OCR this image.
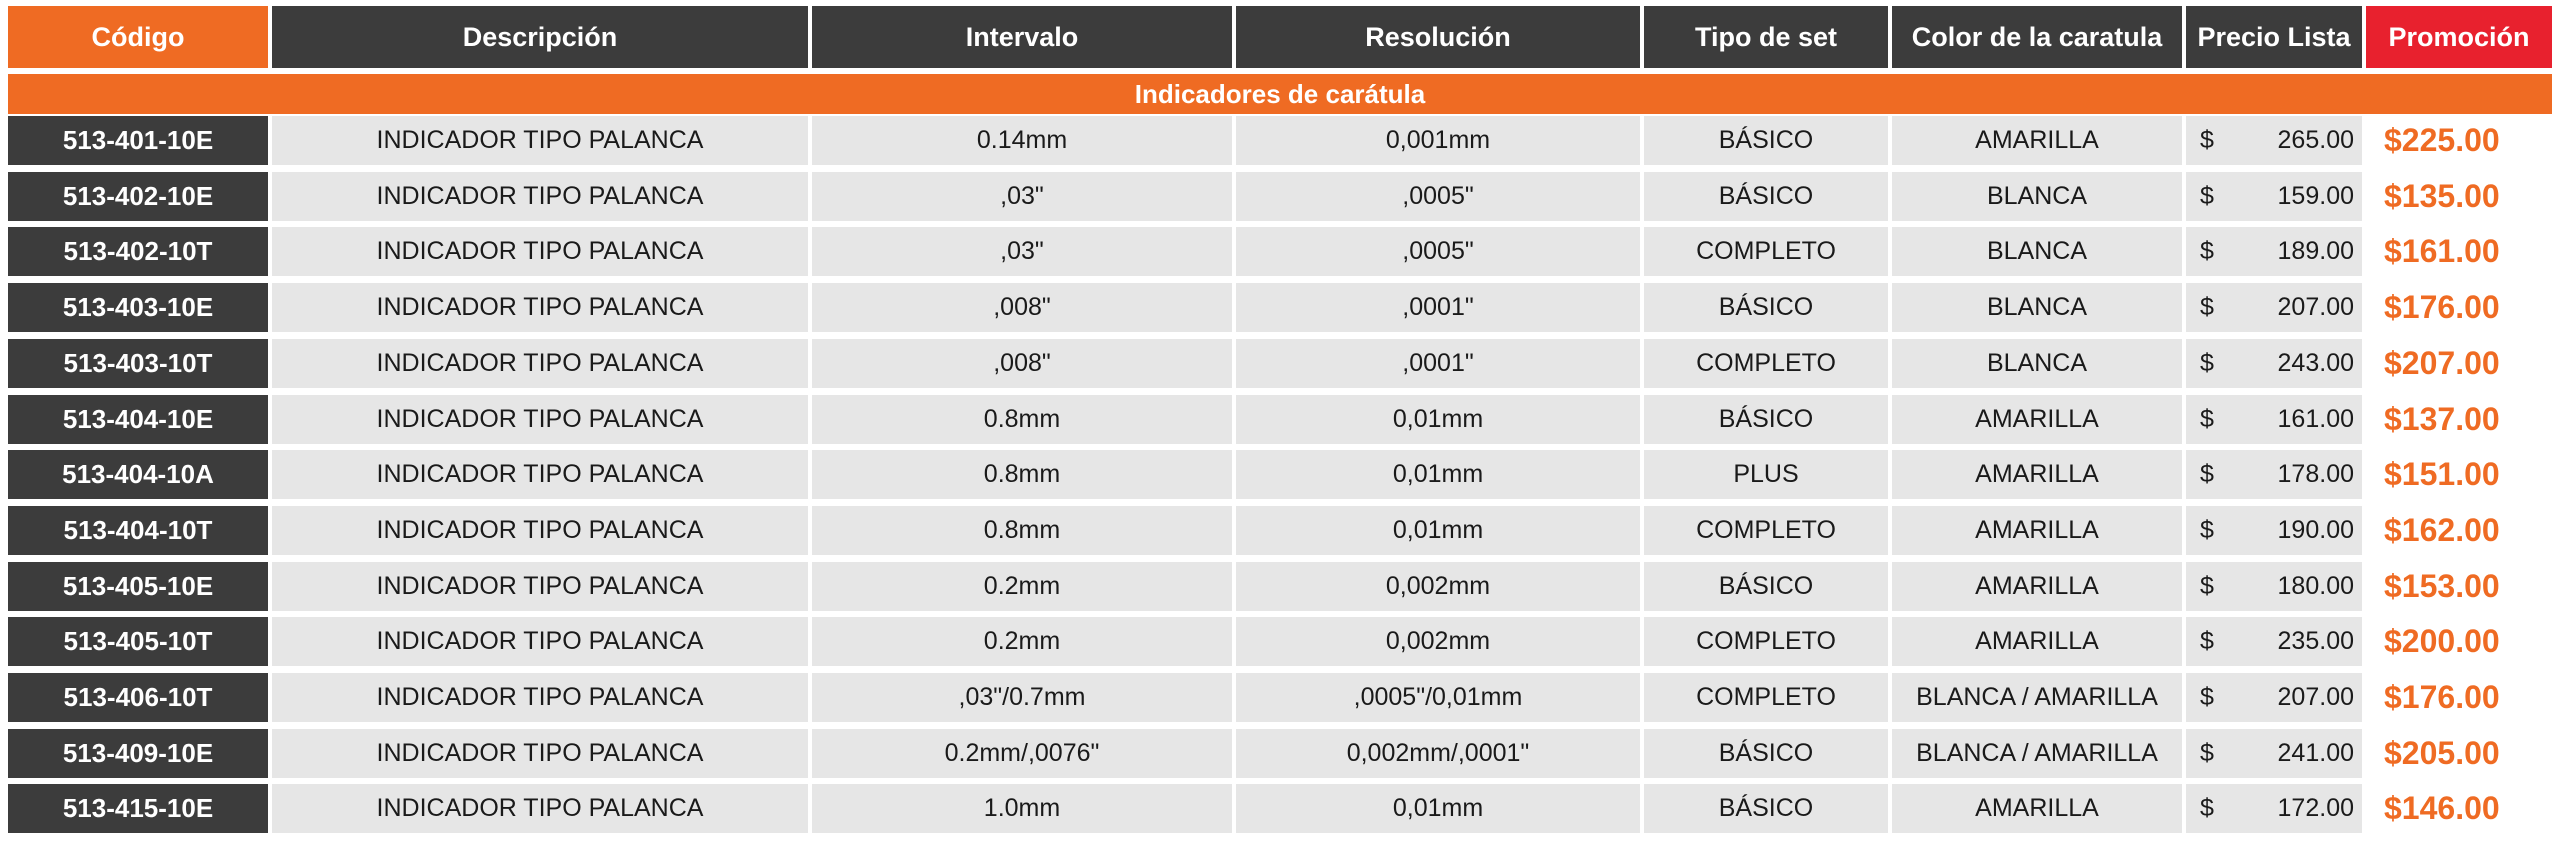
Código	Descripción	Intervalo	Resolución	Tipo de set	Color de la caratula	Precio Lista	Promoción
Indicadores de carátula
513-401-10E	INDICADOR TIPO PALANCA	0.14mm	0,001mm	BÁSICO	AMARILLA	$	265.00 $225.00
513-402-10E	INDICADOR TIPO PALANCA	,03"	,0005"	BÁSICO	BLANCA	$	159.00 $135.00
513-402-10T	INDICADOR TIPO PALANCA	,03"	,0005"	COMPLETO	BLANCA	$	189.00 $161.00
513-403-10E	INDICADOR TIPO PALANCA	,008"	,0001"	BÁSICO	BLANCA	$	207.00 $176.00
513-403-10T	INDICADOR TIPO PALANCA	,008"	,0001"	COMPLETO	BLANCA	$	243.00 $207.00
513-404-10E	INDICADOR TIPO PALANCA	0.8mm	0,01mm	BÁSICO	AMARILLA	$	161.00 $137.00
513-404-10A	INDICADOR TIPO PALANCA	0.8mm	0,01mm	PLUS	AMARILLA	$	178.00 $151.00
513-404-10T	INDICADOR TIPO PALANCA	0.8mm	0,01mm	COMPLETO	AMARILLA	$	190.00 $162.00
513-405-10E	INDICADOR TIPO PALANCA	0.2mm	0,002mm	BÁSICO	AMARILLA	$	180.00 $153.00
513-405-10T	INDICADOR TIPO PALANCA	0.2mm	0,002mm	COMPLETO	AMARILLA	$	235.00 $200.00
513-406-10T	INDICADOR TIPO PALANCA	,03"/0.7mm	,0005"/0,01mm	COMPLETO	BLANCA / AMARILLA	$	207.00 $176.00
513-409-10E	INDICADOR TIPO PALANCA	0.2mm/,0076"	0,002mm/,0001"	BÁSICO	BLANCA / AMARILLA	$	241.00 $205.00
513-415-10E	INDICADOR TIPO PALANCA	1.0mm	0,01mm	BÁSICO	AMARILLA	$	172.00 $146.00
